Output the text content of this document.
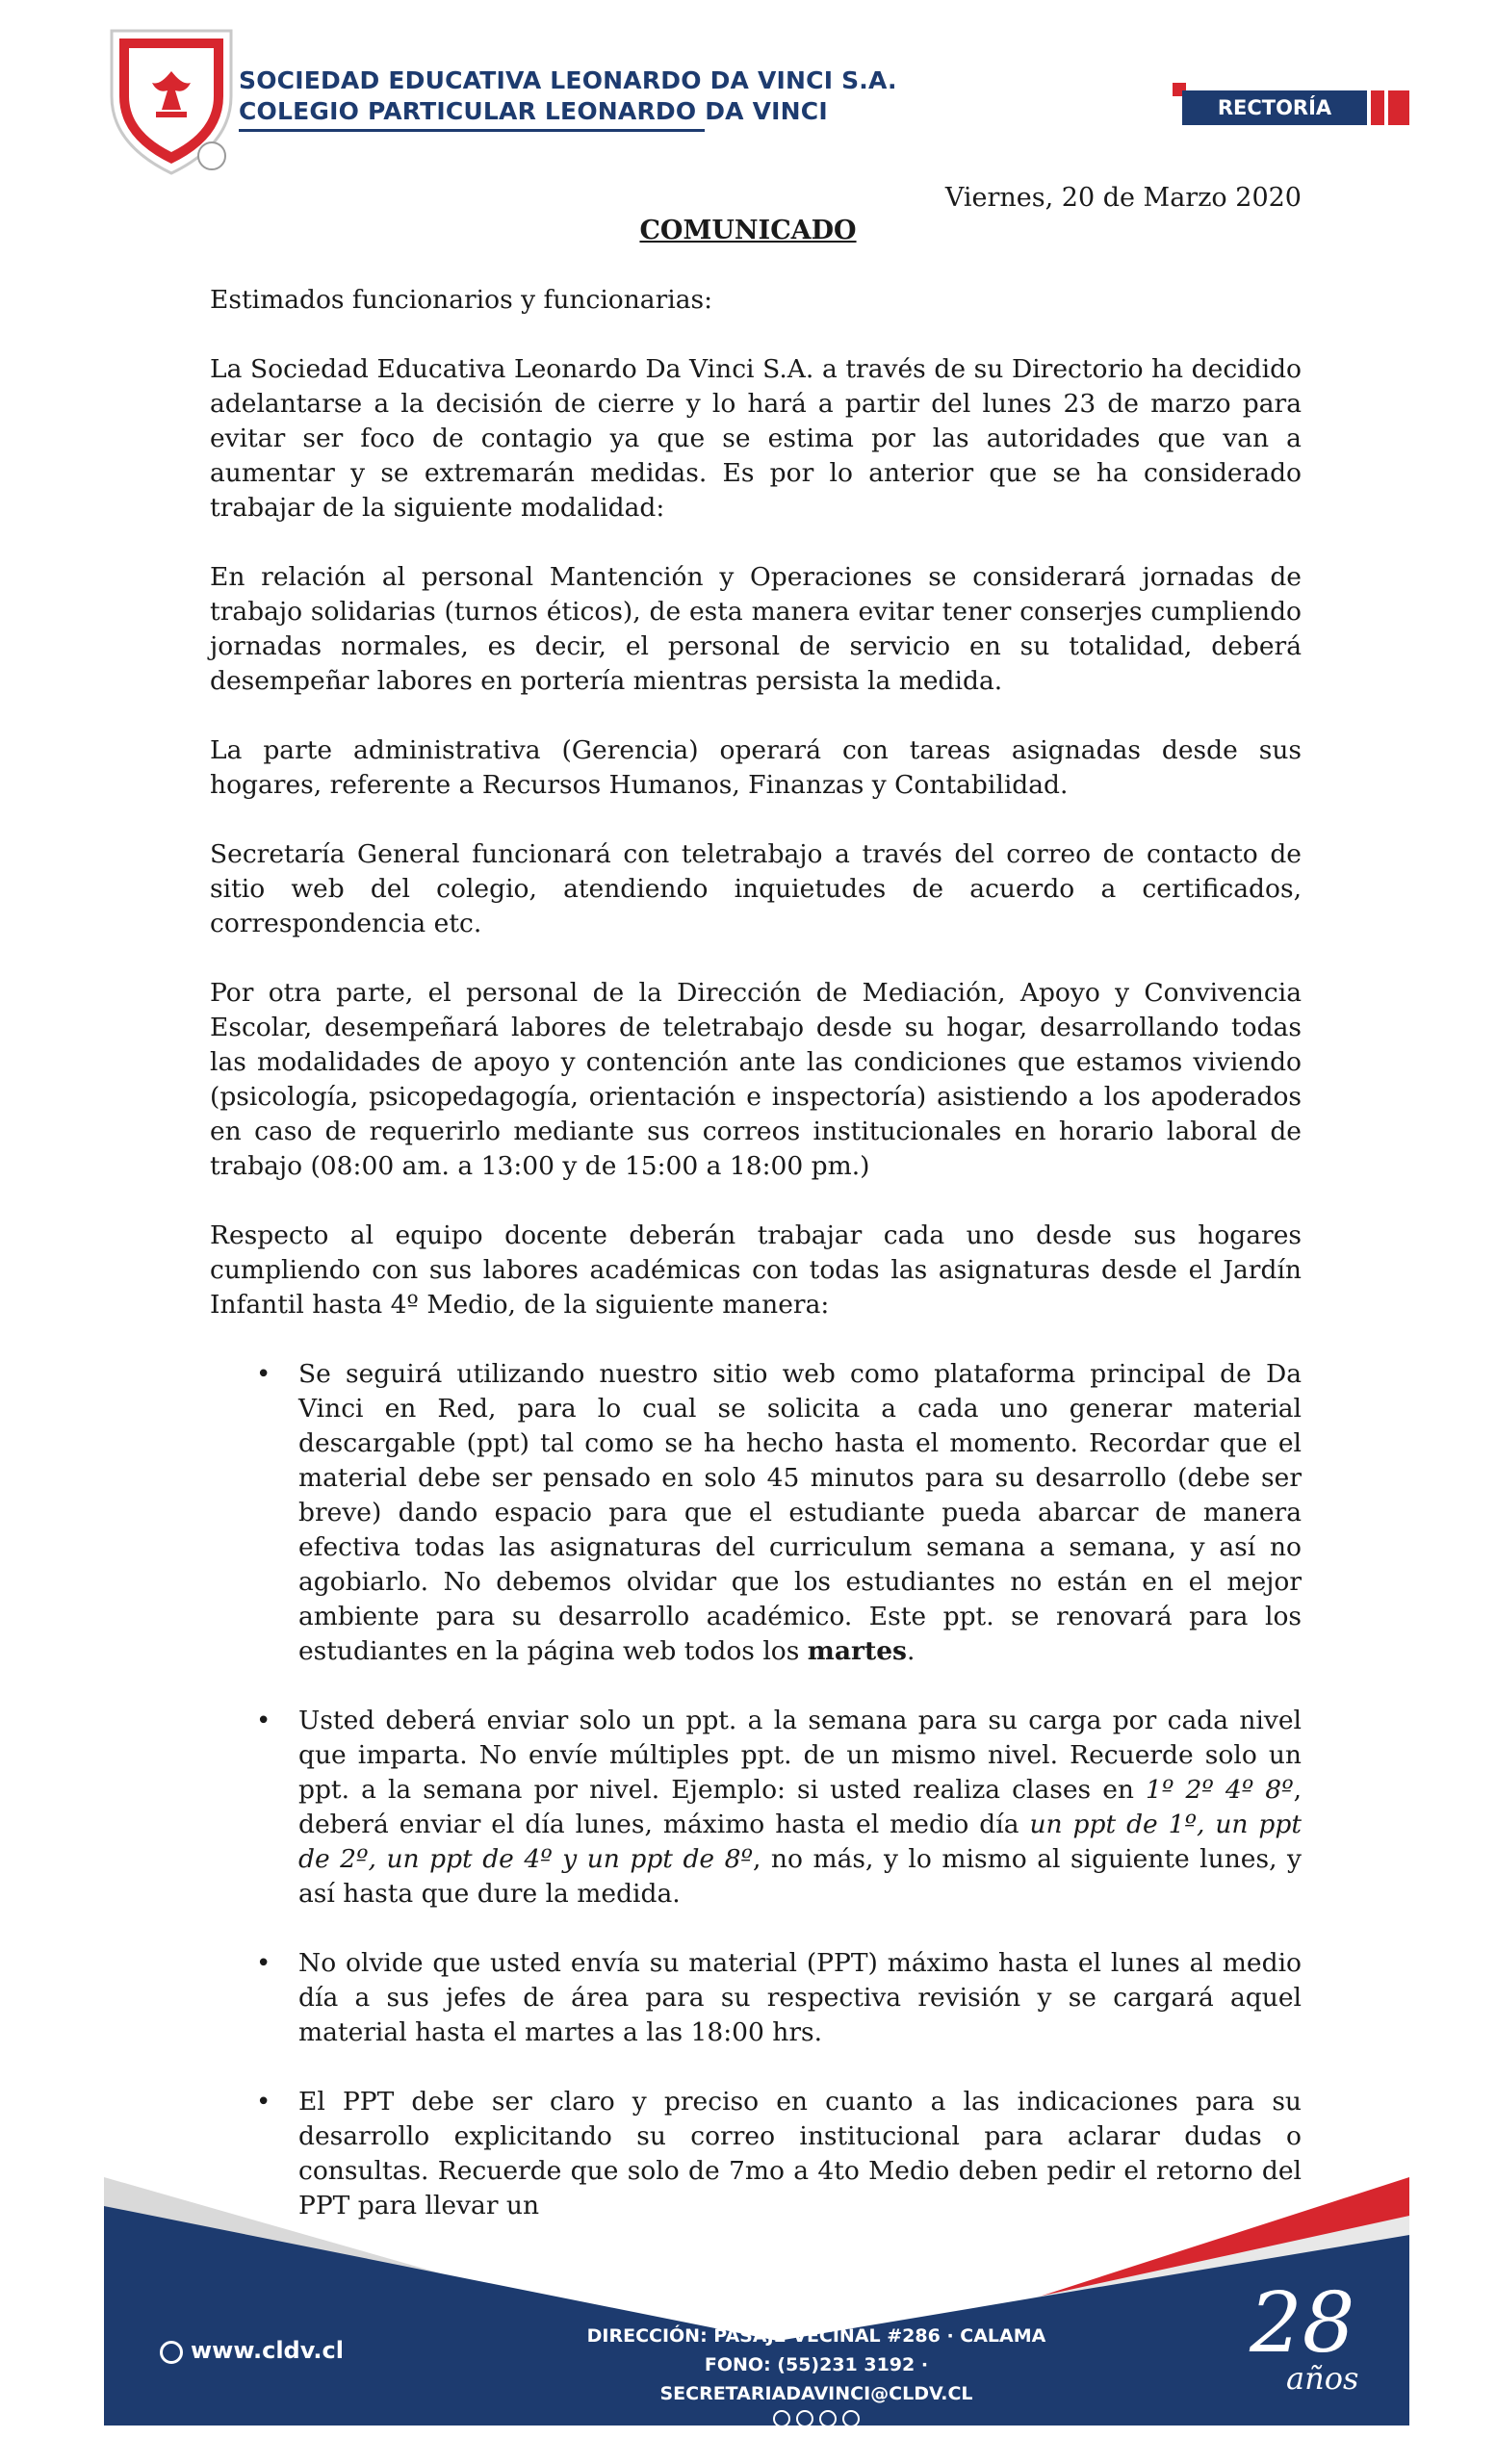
SOCIEDAD EDUCATIVA LEONARDO DA VINCI S.A.
COLEGIO PARTICULAR LEONARDO DA VINCI	RECTORÍA
Viernes, 20 de Marzo 2020
COMUNICADO

Estimados funcionarios y funcionarias:

La Sociedad Educativa Leonardo Da Vinci S.A. a través de su Directorio ha decidido adelantarse a la decisión de cierre y lo hará a partir del lunes 23 de marzo para evitar ser foco de contagio ya que se estima por las autoridades que van a aumentar y se extremarán medidas. Es por lo anterior que se ha considerado trabajar de la siguiente modalidad:

En relación al personal Mantención y Operaciones se considerará jornadas de trabajo solidarias (turnos éticos), de esta manera evitar tener conserjes cumpliendo jornadas normales, es decir, el personal de servicio en su totalidad, deberá desempeñar labores en portería mientras persista la medida.

La parte administrativa (Gerencia) operará con tareas asignadas desde sus hogares, referente a Recursos Humanos, Finanzas y Contabilidad.

Secretaría General funcionará con teletrabajo a través del correo de contacto de sitio web del colegio, atendiendo inquietudes de acuerdo a certificados, correspondencia etc.

Por otra parte, el personal de la Dirección de Mediación, Apoyo y Convivencia Escolar, desempeñará labores de teletrabajo desde su hogar, desarrollando todas las modalidades de apoyo y contención ante las condiciones que estamos viviendo (psicología, psicopedagogía, orientación e inspectoría) asistiendo a los apoderados en caso de requerirlo mediante sus correos institucionales en horario laboral de trabajo (08:00 am. a 13:00 y de 15:00 a 18:00 pm.)

Respecto al equipo docente deberán trabajar cada uno desde sus hogares cumpliendo con sus labores académicas con todas las asignaturas desde el Jardín Infantil hasta 4º Medio, de la siguiente manera:

• Se seguirá utilizando nuestro sitio web como plataforma principal de Da Vinci en Red, para lo cual se solicita a cada uno generar material descargable (ppt) tal como se ha hecho hasta el momento. Recordar que el material debe ser pensado en solo 45 minutos para su desarrollo (debe ser breve) dando espacio para que el estudiante pueda abarcar de manera efectiva todas las asignaturas del curriculum semana a semana, y así no agobiarlo. No debemos olvidar que los estudiantes no están en el mejor ambiente para su desarrollo académico. Este ppt. se renovará para los estudiantes en la página web todos los martes.
• Usted deberá enviar solo un ppt. a la semana para su carga por cada nivel que imparta. No envíe múltiples ppt. de un mismo nivel. Recuerde solo un ppt. a la semana por nivel. Ejemplo: si usted realiza clases en 1º 2º 4º 8º, deberá enviar el día lunes, máximo hasta el medio día un ppt de 1º, un ppt de 2º, un ppt de 4º y un ppt de 8º, no más, y lo mismo al siguiente lunes, y así hasta que dure la medida.
• No olvide que usted envía su material (PPT) máximo hasta el lunes al medio día a sus jefes de área para su respectiva revisión y se cargará aquel material hasta el martes a las 18:00 hrs.
• El PPT debe ser claro y preciso en cuanto a las indicaciones para su desarrollo explicitando su correo institucional para aclarar dudas o consultas. Recuerde que solo de 7mo a 4to Medio deben pedir el retorno del PPT para llevar un
www.cldv.cl
DIRECCIÓN: PASAJE VECINAL #286 · CALAMA
FONO: (55)231 3192 · SECRETARIADAVINCI@CLDV.CL
28
años
